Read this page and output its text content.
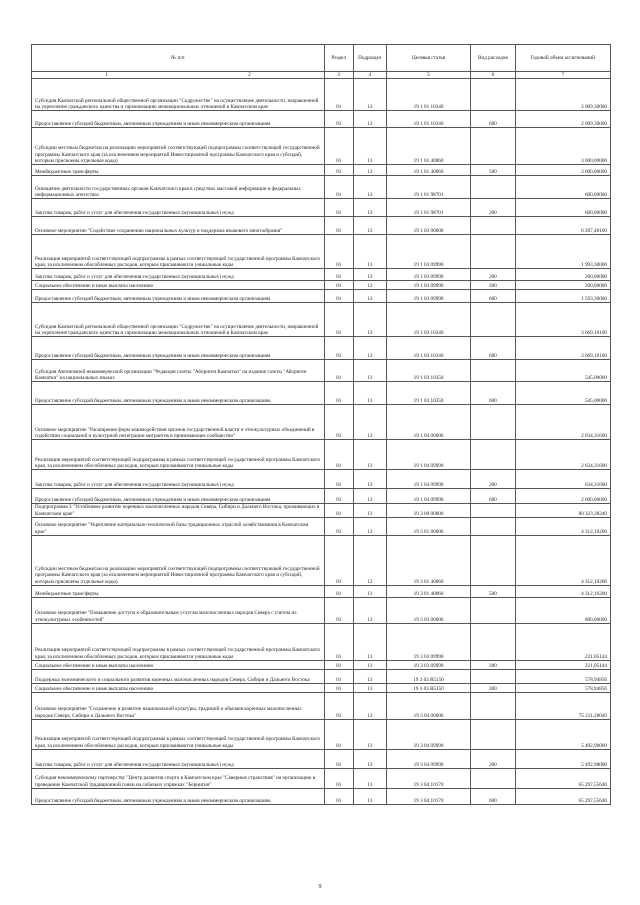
№ п/п	Раздел	Подраздел	Целевая статья	Вид расходов	Годовой объем ассигнований

1 2	3	4	5	6	7
Субсидия Камчатской региональной общественной организации "Содружество" на осуществление деятельности, направленной на укрепление гражданского единства и гармонизацию межнациональных отношений в Камчатском крае	01	13	19 1 01 10340		2 009,30000
Предоставление субсидий бюджетным, автономным учреждениям и иным некоммерческим организациям	01	13	19 1 01 10340	600	2 009,30000
Субсидии местным бюджетам на реализацию мероприятий соответствующей подпрограммы соответствующей государственной программы Камчатского края (за исключением мероприятий Инвестиционной программы Камчатского края и субсидий, которым присвоены отдельные коды)	01	13	19 1 01 40060		3 000,00000
Межбюджетные трансферты	01	13	19 1 01 40060	500	3 000,00000
Освещение деятельности государственных органов Камчатского края в средствах массовой информации в федеральных информационных агентствах	01	13	19 1 01 98701		600,00000
Закупка товаров, работ и услуг для обеспечения государственных (муниципальных) нужд	01	13	19 1 01 98701	200	600,00000
Основное мероприятие "Содействие сохранению национальных культур и поддержка языкового многообразия"	01	13	19 1 03 00000		6 207,40100
Реализация мероприятий соответствующей подпрограммы в рамках соответствующей государственной программы Камчатского края, за исключением обособленных расходов, которым присваиваются уникальные коды	01	13	19 1 03 09990		1 993,30000
Закупка товаров, работ и услуг для обеспечения государственных (муниципальных) нужд	01	13	19 1 03 09990	200	200,00000
Социальное обеспечение и иные выплаты населению	01	13	19 1 03 09990	300	200,00000
Предоставление субсидий бюджетным, автономным учреждениям и иным некоммерческим организациям	01	13	19 1 03 09990	600	1 593,30000
Субсидия Камчатской региональной общественной организации "Содружество" на осуществление деятельности, направленной на укрепление гражданского единства и гармонизацию межнациональных отношений в Камчатском крае	01	13	19 1 03 10340		3 669,10100
Предоставление субсидий бюджетным, автономным учреждениям и иным некоммерческим организациям	01	13	19 1 03 10340	600	3 669,10100
Субсидия Автономной некоммерческой организации "Редакция газеты "Абориген Камчатки" на издание газеты "Абориген Камчатки" на национальных языках	01	13	19 1 03 10350		545,00000
Предоставление субсидий бюджетным, автономным учреждениям и иным некоммерческим организациям	01	13	19 1 03 10350	600	545,00000
Основное мероприятие "Расширение форм взаимодействия органов государственной власти и этнокультурных объединений в содействии социальной и культурной интеграции мигрантов в принимающее сообщество"	01	13	19 1 04 00000		2 634,31600
Реализация мероприятий соответствующей подпрограммы в рамках соответствующей государственной программы Камчатского края, за исключением обособленных расходов, которым присваиваются уникальные коды	01	13	19 1 04 09990		2 634,31600
Закупка товаров, работ и услуг для обеспечения государственных (муниципальных) нужд	01	13	19 1 04 09990	200	634,31600
Предоставление субсидий бюджетным, автономным учреждениям и иным некоммерческим организациям	01	13	19 1 04 09990	600	2 000,00000
Подпрограмма 3 "Устойчивое развитие коренных малочисленных народов Севера, Сибири и Дальнего Востока, проживающих в Камчатском крае"	01	13	19 3 00 00000		80 323,38240
Основное мероприятие "Укрепление материально-технической базы традиционных отраслей хозяйствования в Камчатском крае"	01	13	19 3 01 00000		4 312,10200
Субсидии местным бюджетам на реализацию мероприятий соответствующей подпрограммы соответствующей государственной программы Камчатского края (за исключением мероприятий Инвестиционной программы Камчатского края и субсидий, которым присвоены отдельные коды)	01	13	19 3 01 40060		4 312,10200
Межбюджетные трансферты	01	13	19 3 01 40060	500	4 312,10200
Основное мероприятие "Повышение доступа к образовательным услугам малочисленных народов Севера с учетом их этнокультурных особенностей"	01	13	19 3 03 00000		800,00000
Реализация мероприятий соответствующей подпрограммы в рамках соответствующей государственной программы Камчатского края, за исключением обособленных расходов, которым присваиваются уникальные коды	01	13	19 3 03 09990		221,05144
Социальное обеспечение и иные выплаты населению	01	13	19 3 03 09990	300	221,05144
Поддержка экономического и социального развития коренных малочисленных народов Севера, Сибири и Дальнего Востока	01	13	19 3 03 R5150		578,94856
Социальное обеспечение и иные выплаты населению	01	13	19 3 03 R5150	300	578,94856
Основное мероприятие "Сохранение и развитие национальной культуры, традиций и обычаев коренных малочисленных народов Севера, Сибири и Дальнего Востока"	01	13	19 3 04 00000		75 211,28040
Реализация мероприятий соответствующей подпрограммы в рамках соответствующей государственной программы Камчатского края, за исключением обособленных расходов, которым присваиваются уникальные коды	01	13	19 3 04 09990		5 492,98000
Закупка товаров, работ и услуг для обеспечения государственных (муниципальных) нужд	01	13	19 3 04 09990	200	5 492,98000
Субсидия некоммерческому партнерству "Центр развития спорта в Камчатском крае "Северные странствия" на организацию и проведение Камчатской традиционной гонки на собачьих упряжках "Берингия"	01	13	19 3 04 10170		65 297,55640
Предоставление субсидий бюджетным, автономным учреждениям и иным некоммерческим организациям	01	13	19 3 04 10170	600	65 297,55640
9
